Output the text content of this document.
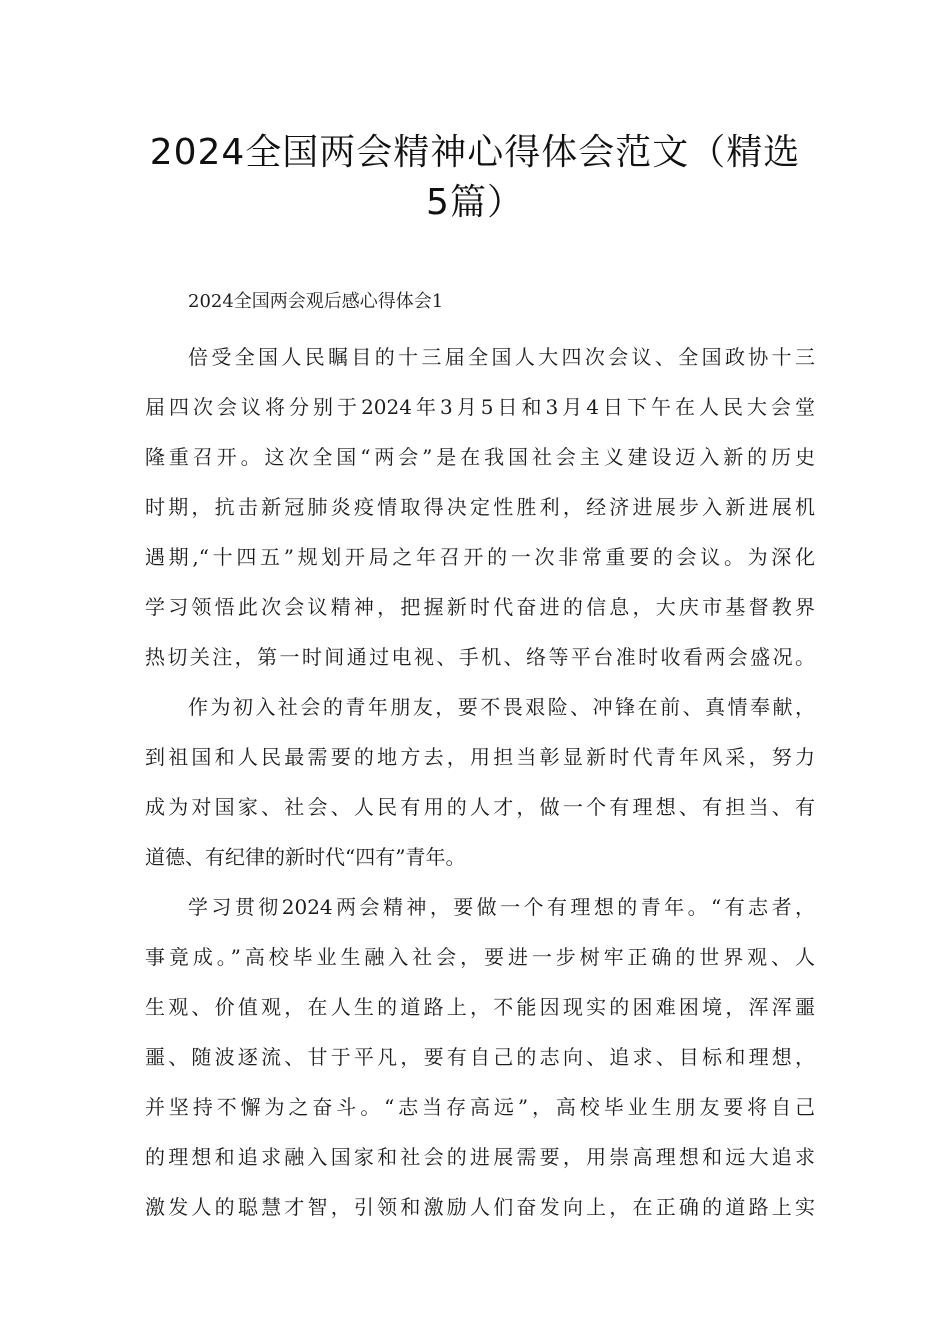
2024全国两会精神心得体会范文（精选
5篇）
2024全国两会观后感心得体会1
倍受全国人民瞩目的十三届全国人大四次会议、全国政协十三
届四次会议将分别于2024年3月5日和3月4日下午在人民大会堂
隆重召开。这次全国“两会”是在我国社会主义建设迈入新的历史
时期，抗击新冠肺炎疫情取得决定性胜利，经济进展步入新进展机
遇期,“十四五”规划开局之年召开的一次非常重要的会议。为深化
学习领悟此次会议精神，把握新时代奋进的信息，大庆市基督教界
热切关注，第一时间通过电视、手机、络等平台准时收看两会盛况。
作为初入社会的青年朋友，要不畏艰险、冲锋在前、真情奉献，
到祖国和人民最需要的地方去，用担当彰显新时代青年风采，努力
成为对国家、社会、人民有用的人才，做一个有理想、有担当、有
道德、有纪律的新时代“四有”青年。
学习贯彻2024两会精神，要做一个有理想的青年。“有志者，
事竟成。”高校毕业生融入社会，要进一步树牢正确的世界观、人
生观、价值观，在人生的道路上，不能因现实的困难困境，浑浑噩
噩、随波逐流、甘于平凡，要有自己的志向、追求、目标和理想，
并坚持不懈为之奋斗。“志当存高远”，高校毕业生朋友要将自己
的理想和追求融入国家和社会的进展需要，用崇高理想和远大追求
激发人的聪慧才智，引领和激励人们奋发向上，在正确的道路上实
